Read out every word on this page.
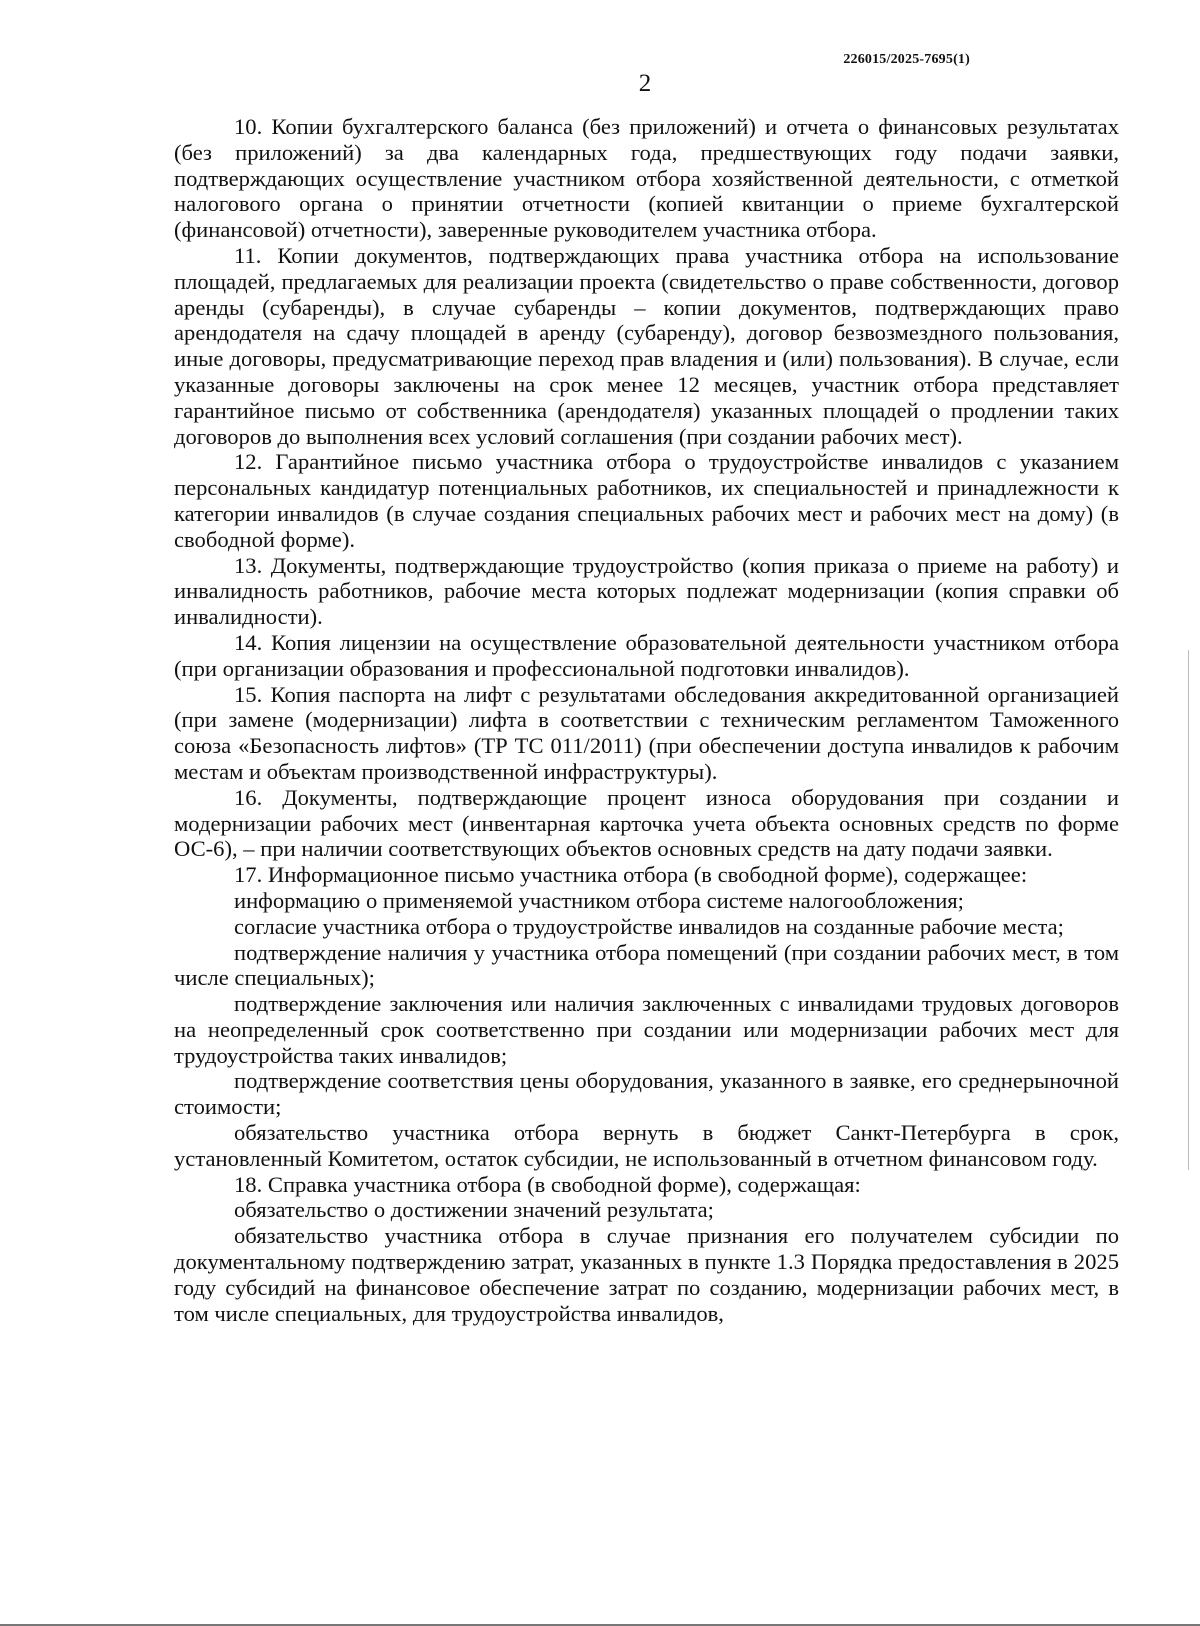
226015/2025-7695(1)
2

10. Копии бухгалтерского баланса (без приложений) и отчета о финансовых результатах (без приложений) за два календарных года, предшествующих году подачи заявки, подтверждающих осуществление участником отбора хозяйственной деятельности, с отметкой налогового органа о принятии отчетности (копией квитанции о приеме бухгалтерской (финансовой) отчетности), заверенные руководителем участника отбора.

11. Копии документов, подтверждающих права участника отбора на использование площадей, предлагаемых для реализации проекта (свидетельство о праве собственности, договор аренды (субаренды), в случае субаренды – копии документов, подтверждающих право арендодателя на сдачу площадей в аренду (субаренду), договор безвозмездного пользования, иные договоры, предусматривающие переход прав владения и (или) пользования). В случае, если указанные договоры заключены на срок менее 12 месяцев, участник отбора представляет гарантийное письмо от собственника (арендодателя) указанных площадей о продлении таких договоров до выполнения всех условий соглашения (при создании рабочих мест).

12. Гарантийное письмо участника отбора о трудоустройстве инвалидов с указанием персональных кандидатур потенциальных работников, их специальностей и принадлежности к категории инвалидов (в случае создания специальных рабочих мест и рабочих мест на дому) (в свободной форме).

13. Документы, подтверждающие трудоустройство (копия приказа о приеме на работу) и инвалидность работников, рабочие места которых подлежат модернизации (копия справки об инвалидности).

14. Копия лицензии на осуществление образовательной деятельности участником отбора (при организации образования и профессиональной подготовки инвалидов).

15. Копия паспорта на лифт с результатами обследования аккредитованной организацией (при замене (модернизации) лифта в соответствии с техническим регламентом Таможенного союза «Безопасность лифтов» (ТР ТС 011/2011) (при обеспечении доступа инвалидов к рабочим местам и объектам производственной инфраструктуры).

16. Документы, подтверждающие процент износа оборудования при создании и модернизации рабочих мест (инвентарная карточка учета объекта основных средств по форме ОС-6), – при наличии соответствующих объектов основных средств на дату подачи заявки.

17. Информационное письмо участника отбора (в свободной форме), содержащее:

информацию о применяемой участником отбора системе налогообложения;

согласие участника отбора о трудоустройстве инвалидов на созданные рабочие места;

подтверждение наличия у участника отбора помещений (при создании рабочих мест, в том числе специальных);

подтверждение заключения или наличия заключенных с инвалидами трудовых договоров на неопределенный срок соответственно при создании или модернизации рабочих мест для трудоустройства таких инвалидов;

подтверждение соответствия цены оборудования, указанного в заявке, его среднерыночной стоимости;

обязательство участника отбора вернуть в бюджет Санкт-Петербурга в срок, установленный Комитетом, остаток субсидии, не использованный в отчетном финансовом году.

18. Справка участника отбора (в свободной форме), содержащая:

обязательство о достижении значений результата;

обязательство участника отбора в случае признания его получателем субсидии по документальному подтверждению затрат, указанных в пункте 1.3 Порядка предоставления в 2025 году субсидий на финансовое обеспечение затрат по созданию, модернизации рабочих мест, в том числе специальных, для трудоустройства инвалидов,
